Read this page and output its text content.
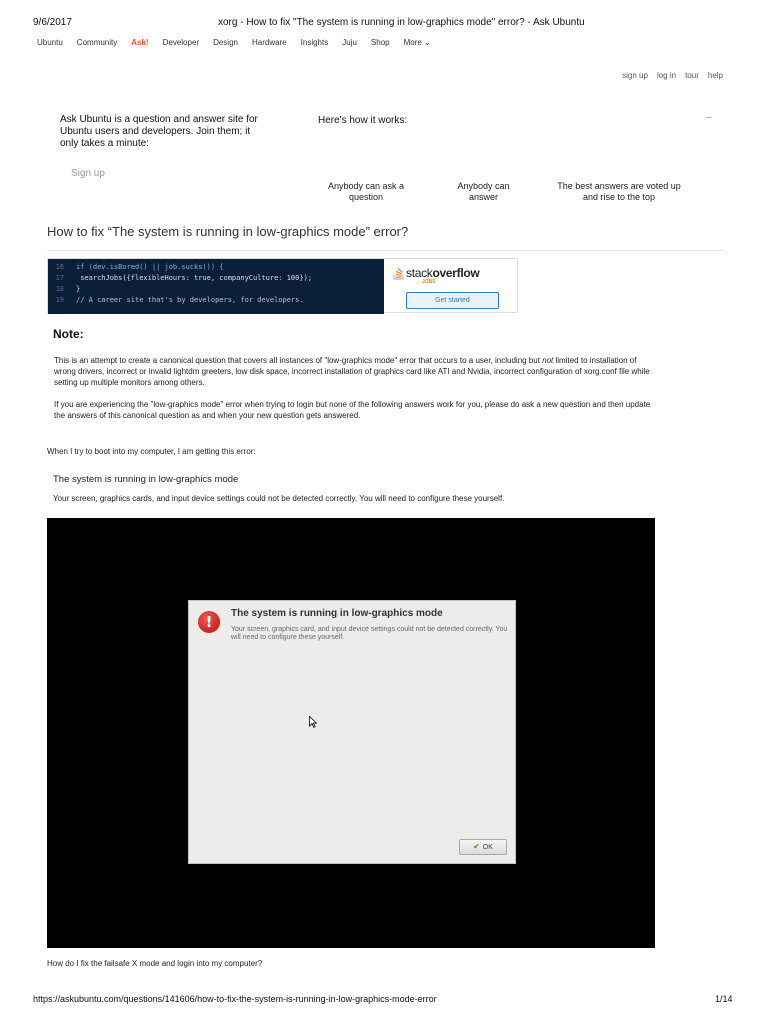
9/6/2017	xorg - How to fix "The system is running in low-graphics mode" error? - Ask Ubuntu
Ubuntu Community Ask! Developer Design Hardware Insights Juju Shop More ⌄
sign up log in tour help
Ask Ubuntu is a question and answer site for Ubuntu users and developers. Join them; it only takes a minute:
Here's how it works:	–
Sign up
Anybody can ask a question
Anybody can answer
The best answers are voted up and rise to the top
How to fix “The system is running in low-graphics mode” error?
16 if (dev.isBored() || job.sucks()) {
17 searchJobs({flexibleHours: true, companyCulture: 100});
18 }
19 // A career site that's by developers, for developers.
stackoverflow
JOBS
Get started
Note:
This is an attempt to create a canonical question that covers all instances of "low-graphics mode" error that occurs to a user, including but not limited to installation of wrong drivers, incorrect or invalid lightdm greeters, low disk space, incorrect installation of graphics card like ATI and Nvidia, incorrect configuration of xorg.conf file while setting up multiple monitors among others.
If you are experiencing the "low-graphics mode" error when trying to login but none of the following answers work for you, please do ask a new question and then update the answers of this canonical question as and when your new question gets answered.
When I try to boot into my computer, I am getting this error:
The system is running in low-graphics mode
Your screen, graphics cards, and input device settings could not be detected correctly. You will need to configure these yourself.
!	The system is running in low-graphics mode
Your screen, graphics card, and input device settings could not be detected correctly. You will need to configure these yourself.
✔ OK
How do I fix the failsafe X mode and login into my computer?
https://askubuntu.com/questions/141606/how-to-fix-the-system-is-running-in-low-graphics-mode-error	1/14
